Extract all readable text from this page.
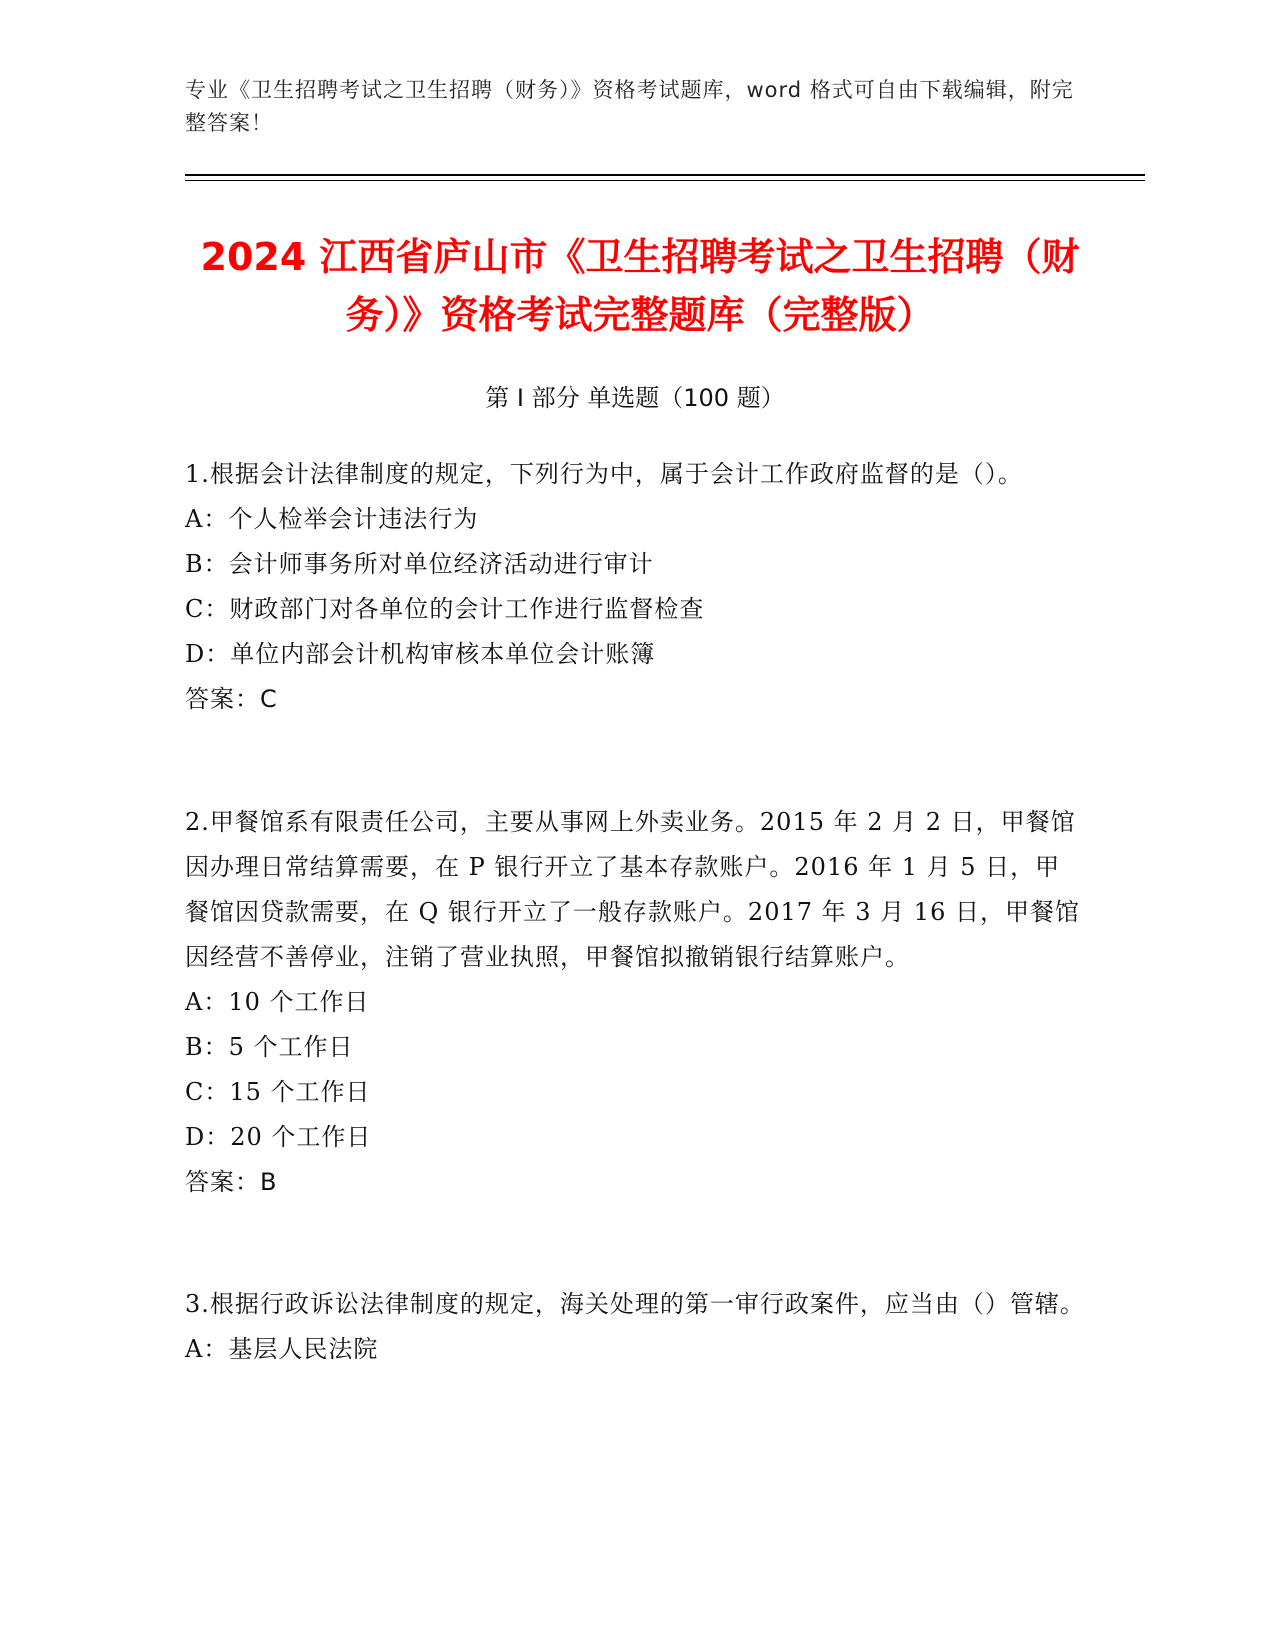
专业《卫生招聘考试之卫生招聘（财务）》资格考试题库，word 格式可自由下载编辑，附完整答案！
2024 江西省庐山市《卫生招聘考试之卫生招聘（财务）》资格考试完整题库（完整版）
第 I 部分 单选题（100 题）

1.根据会计法律制度的规定，下列行为中，属于会计工作政府监督的是（）。

A：个人检举会计违法行为

B：会计师事务所对单位经济活动进行审计

C：财政部门对各单位的会计工作进行监督检查

D：单位内部会计机构审核本单位会计账簿

答案：C

2.甲餐馆系有限责任公司，主要从事网上外卖业务。2015 年 2 月 2 日，甲餐馆因办理日常结算需要，在 P 银行开立了基本存款账户。2016 年 1 月 5 日，甲餐馆因贷款需要，在 Q 银行开立了一般存款账户。2017 年 3 月 16 日，甲餐馆因经营不善停业，注销了营业执照，甲餐馆拟撤销银行结算账户。

A：10 个工作日

B：5 个工作日

C：15 个工作日

D：20 个工作日

答案：B

3.根据行政诉讼法律制度的规定，海关处理的第一审行政案件，应当由（）管辖。

A：基层人民法院
